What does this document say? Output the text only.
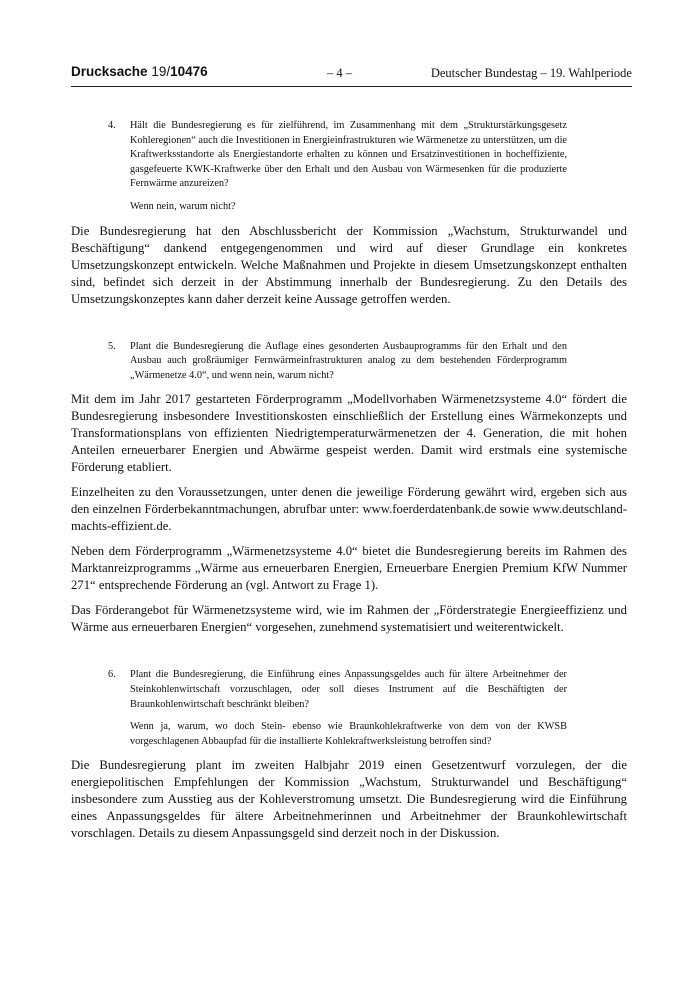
Drucksache 19/10476	– 4 –	Deutscher Bundestag – 19. Wahlperiode
4. Hält die Bundesregierung es für zielführend, im Zusammenhang mit dem „Strukturstärkungsgesetz Kohleregionen“ auch die Investitionen in Energieinfrastrukturen wie Wärmenetze zu unterstützen, um die Kraftwerksstandorte als Energiestandorte erhalten zu können und Ersatzinvestitionen in hocheffiziente, gasgefeuerte KWK-Kraftwerke über den Erhalt und den Ausbau von Wärmesenken für die produzierte Fernwärme anzureizen?

Wenn nein, warum nicht?

Die Bundesregierung hat den Abschlussbericht der Kommission „Wachstum, Strukturwandel und Beschäftigung“ dankend entgegengenommen und wird auf dieser Grundlage ein konkretes Umsetzungskonzept entwickeln. Welche Maßnahmen und Projekte in diesem Umsetzungskonzept enthalten sind, befindet sich derzeit in der Abstimmung innerhalb der Bundesregierung. Zu den Details des Umsetzungskonzeptes kann daher derzeit keine Aussage getroffen werden.

5. Plant die Bundesregierung die Auflage eines gesonderten Ausbauprogramms für den Erhalt und den Ausbau auch großräumiger Fernwärmeinfrastrukturen analog zu dem bestehenden Förderprogramm „Wärmenetze 4.0“, und wenn nein, warum nicht?

Mit dem im Jahr 2017 gestarteten Förderprogramm „Modellvorhaben Wärmenetzsysteme 4.0“ fördert die Bundesregierung insbesondere Investitionskosten einschließlich der Erstellung eines Wärmekonzepts und Transformationsplans von effizienten Niedrigtemperaturwärmenetzen der 4. Generation, die mit hohen Anteilen erneuerbarer Energien und Abwärme gespeist werden. Damit wird erstmals eine systemische Förderung etabliert.

Einzelheiten zu den Voraussetzungen, unter denen die jeweilige Förderung gewährt wird, ergeben sich aus den einzelnen Förderbekanntmachungen, abrufbar unter: www.foerderdatenbank.de sowie www.deutschland-machts-effizient.de.

Neben dem Förderprogramm „Wärmenetzsysteme 4.0“ bietet die Bundesregierung bereits im Rahmen des Marktanreizprogramms „Wärme aus erneuerbaren Energien, Erneuerbare Energien Premium KfW Nummer 271“ entsprechende Förderung an (vgl. Antwort zu Frage 1).

Das Förderangebot für Wärmenetzsysteme wird, wie im Rahmen der „Förderstrategie Energieeffizienz und Wärme aus erneuerbaren Energien“ vorgesehen, zunehmend systematisiert und weiterentwickelt.

6. Plant die Bundesregierung, die Einführung eines Anpassungsgeldes auch für ältere Arbeitnehmer der Steinkohlenwirtschaft vorzuschlagen, oder soll dieses Instrument auf die Beschäftigten der Braunkohlenwirtschaft beschränkt bleiben?

Wenn ja, warum, wo doch Stein- ebenso wie Braunkohlekraftwerke von dem von der KWSB vorgeschlagenen Abbaupfad für die installierte Kohlekraftwerksleistung betroffen sind?

Die Bundesregierung plant im zweiten Halbjahr 2019 einen Gesetzentwurf vorzulegen, der die energiepolitischen Empfehlungen der Kommission „Wachstum, Strukturwandel und Beschäftigung“ insbesondere zum Ausstieg aus der Kohleverstromung umsetzt. Die Bundesregierung wird die Einführung eines Anpassungsgeldes für ältere Arbeitnehmerinnen und Arbeitnehmer der Braunkohlewirtschaft vorschlagen. Details zu diesem Anpassungsgeld sind derzeit noch in der Diskussion.
